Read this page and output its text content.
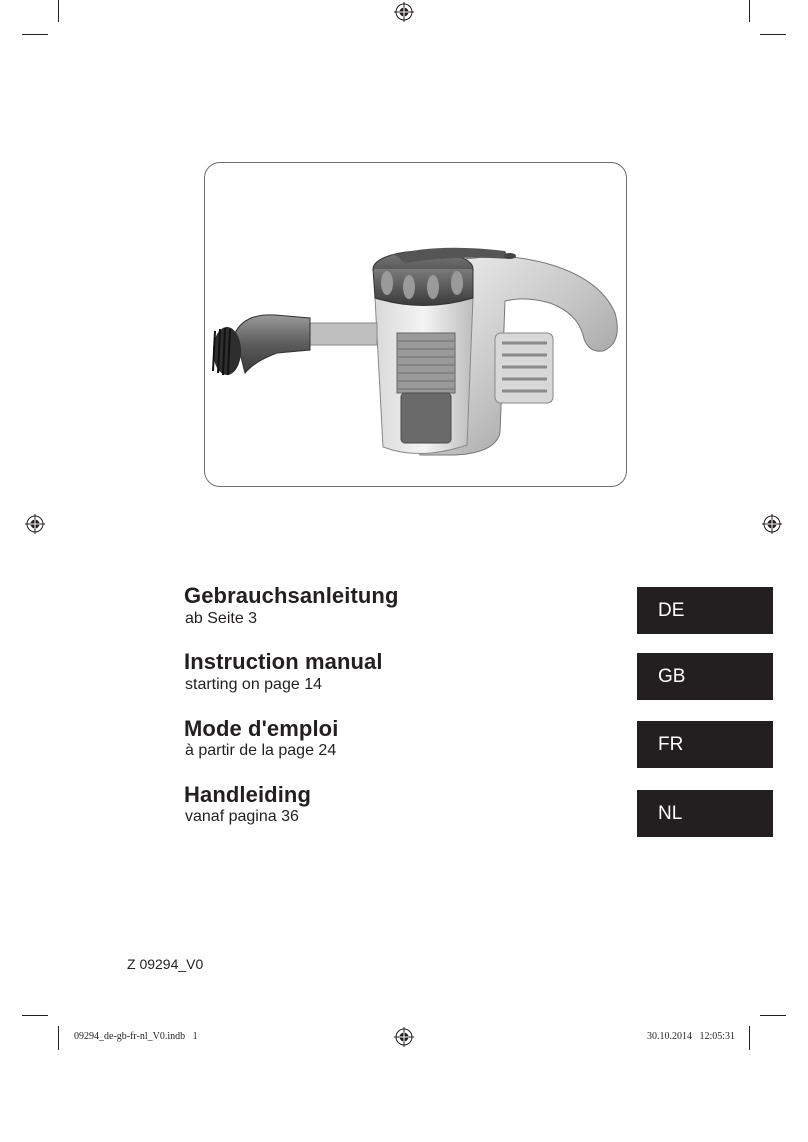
Gebrauchsanleitung
ab Seite 3	DE
Instruction manual
starting on page 14	GB
Mode d'emploi
à partir de la page 24	FR
Handleiding
vanaf pagina 36	NL
Z 09294_V0
09294_de-gb-fr-nl_V0.indb   1	30.10.2014   12:05:31
